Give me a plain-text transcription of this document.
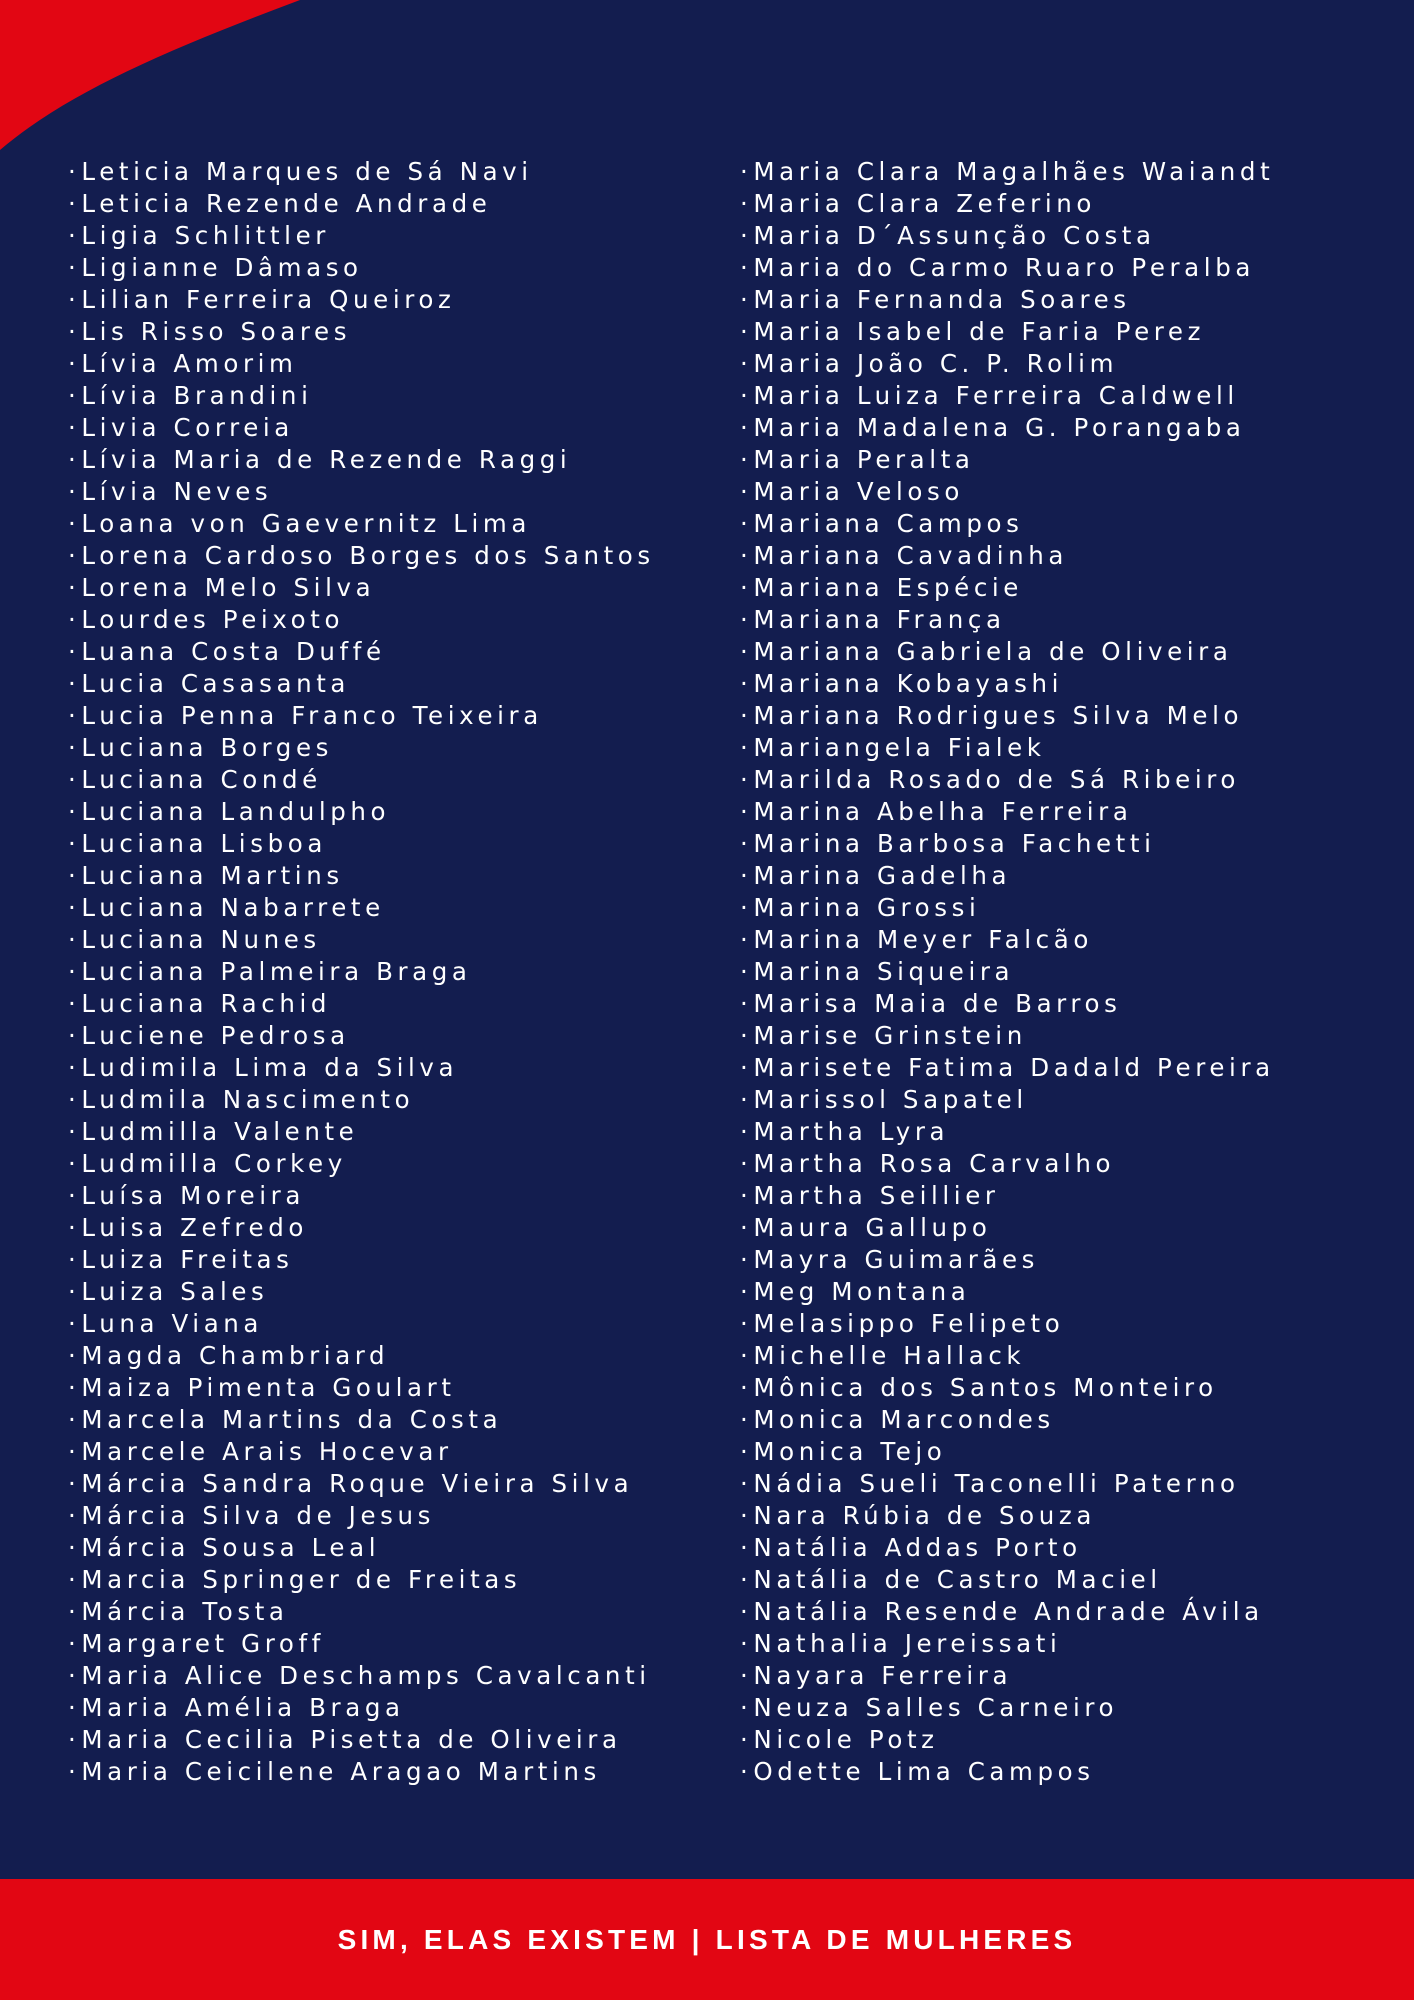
· Leticia Marques de Sá Navi
· Leticia Rezende Andrade
· Ligia Schlittler
· Ligianne Dâmaso
· Lilian Ferreira Queiroz
· Lis Risso Soares
· Lívia Amorim
· Lívia Brandini
· Livia Correia
· Lívia Maria de Rezende Raggi
· Lívia Neves
· Loana von Gaevernitz Lima
· Lorena Cardoso Borges dos Santos
· Lorena Melo Silva
· Lourdes Peixoto
· Luana Costa Duffé
· Lucia Casasanta
· Lucia Penna Franco Teixeira
· Luciana Borges
· Luciana Condé
· Luciana Landulpho
· Luciana Lisboa
· Luciana Martins
· Luciana Nabarrete
· Luciana Nunes
· Luciana Palmeira Braga
· Luciana Rachid
· Luciene Pedrosa
· Ludimila Lima da Silva
· Ludmila Nascimento
· Ludmilla Valente
· Ludmilla Corkey
· Luísa Moreira
· Luisa Zefredo
· Luiza Freitas
· Luiza Sales
· Luna Viana
· Magda Chambriard
· Maiza Pimenta Goulart
· Marcela Martins da Costa
· Marcele Arais Hocevar
· Márcia Sandra Roque Vieira Silva
· Márcia Silva de Jesus
· Márcia Sousa Leal
· Marcia Springer de Freitas
· Márcia Tosta
· Margaret Groff
· Maria Alice Deschamps Cavalcanti
· Maria Amélia Braga
· Maria Cecilia Pisetta de Oliveira
· Maria Ceicilene Aragao Martins
· Maria Clara Magalhães Waiandt
· Maria Clara Zeferino
· Maria D´Assunção Costa
· Maria do Carmo Ruaro Peralba
· Maria Fernanda Soares
· Maria Isabel de Faria Perez
· Maria João C. P. Rolim
· Maria Luiza Ferreira Caldwell
· Maria Madalena G. Porangaba
· Maria Peralta
· Maria Veloso
· Mariana Campos
· Mariana Cavadinha
· Mariana Espécie
· Mariana França
· Mariana Gabriela de Oliveira
· Mariana Kobayashi
· Mariana Rodrigues Silva Melo
· Mariangela Fialek
· Marilda Rosado de Sá Ribeiro
· Marina Abelha Ferreira
· Marina Barbosa Fachetti
· Marina Gadelha
· Marina Grossi
· Marina Meyer Falcão
· Marina Siqueira
· Marisa Maia de Barros
· Marise Grinstein
· Marisete Fatima Dadald Pereira
· Marissol Sapatel
· Martha Lyra
· Martha Rosa Carvalho
· Martha Seillier
· Maura Gallupo
· Mayra Guimarães
· Meg Montana
· Melasippo Felipeto
· Michelle Hallack
· Mônica dos Santos Monteiro
· Monica Marcondes
· Monica Tejo
· Nádia Sueli Taconelli Paterno
· Nara Rúbia de Souza
· Natália Addas Porto
· Natália de Castro Maciel
· Natália Resende Andrade Ávila
· Nathalia Jereissati
· Nayara Ferreira
· Neuza Salles Carneiro
· Nicole Potz
· Odette Lima Campos
SIM, ELAS EXISTEM | LISTA DE MULHERES
